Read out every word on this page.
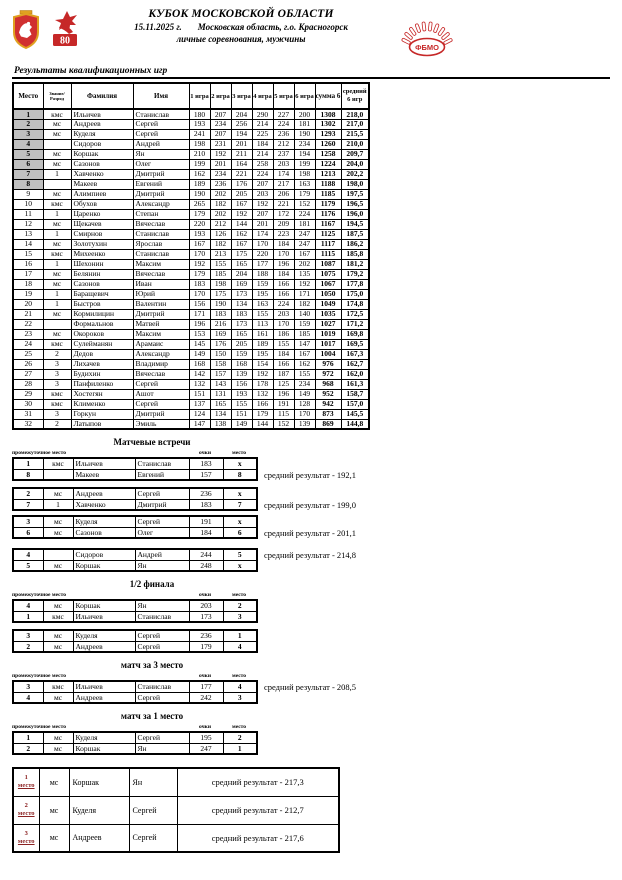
80
КУБОК МОСКОВСКОЙ ОБЛАСТИ
15.11.2025 г. Московская область, г.о. Красногорск
личные соревнования, мужчины
ФБМО
Результаты квалификационных игр
Место	Звание/
Разряд	Фамилия	Имя	1 игра	2 игра	3 игра	4 игра	5 игра	6 игра	сумма 6	
средний
6 игр

1	кмс	Ильичев	Станислав	180	207	204	290	227	200	1308	218,0
2	мс	Андреев	Сергей	193	234	256	214	224	181	1302	217,0
3	мс	Куделя	Сергей	241	207	194	225	236	190	1293	215,5
4		Сидоров	Андрей	198	231	201	184	212	234	1260	210,0
5	мс	Коршак	Ян	210	192	211	214	237	194	1258	209,7
6	мс	Сазонов	Олег	199	201	164	258	203	199	1224	204,0
7	1	Хавченко	Дмитрий	162	234	221	224	174	198	1213	202,2
8		Макеев	Евгений	189	236	176	207	217	163	1188	198,0
9	мс	Алимпиев	Дмитрий	190	202	205	203	206	179	1185	197,5
10	кмс	Обухов	Александр	265	182	167	192	221	152	1179	196,5
11	1	Царенко	Степан	179	202	192	207	172	224	1176	196,0
12	мс	Щекачев	Вячеслав	220	212	144	201	209	181	1167	194,5
13	1	Смирнов	Станислав	193	126	162	174	223	247	1125	187,5
14	мс	Золотухин	Ярослав	167	182	167	170	184	247	1117	186,2
15	кмс	Михеенко	Станислав	170	213	175	220	170	167	1115	185,8
16	1	Шехонин	Максим	192	155	165	177	196	202	1087	181,2
17	мс	Белянин	Вячеслав	179	185	204	188	184	135	1075	179,2
18	мс	Сазонов	Иван	183	198	169	159	166	192	1067	177,8
19	1	Баращевич	Юрий	170	175	173	195	166	171	1050	175,0
20	1	Быстров	Валентин	156	190	134	163	224	182	1049	174,8
21	мс	Кормилицин	Дмитрий	171	183	183	155	203	140	1035	172,5
22		Формальнов	Матвей	196	216	173	113	170	159	1027	171,2
23	мс	Окороков	Максим	153	169	165	161	186	185	1019	169,8
24	кмс	Сулейманян	Арамаис	145	176	205	189	155	147	1017	169,5
25	2	Дедов	Александр	149	150	159	195	184	167	1004	167,3
26	3	Лихачев	Владимир	168	158	168	154	166	162	976	162,7
27	3	Будихин	Вячеслав	142	157	139	192	187	155	972	162,0
28	3	Панфиленко	Сергей	132	143	156	178	125	234	968	161,3
29	кмс	Хостегян	Ашот	151	131	193	132	196	149	952	158,7
30	кмс	Клименко	Сергей	137	165	155	166	191	128	942	157,0
31	3	Горкун	Дмитрий	124	134	151	179	115	170	873	145,5
32	2	Латыпов	Эмиль	147	138	149	144	152	139	869	144,8
Матчевые встречи
промежуточное место	очки	место
1	кмс	Ильичев	Станислав	183	х
8		Макеев	Евгений	157	8	средний результат - 192,1
2	мс	Андреев	Сергей	236	х
7	1	Хавченко	Дмитрий	183	7	средний результат - 199,0
3	мс	Куделя	Сергей	191	х
6	мс	Сазонов	Олег	184	6	средний результат - 201,1
4		Сидоров	Андрей	244	5
5	мс	Коршак	Ян	248	х
средний результат - 214,8
1/2 финала
промежуточное место	очки	место
4	мс	Коршак	Ян	203	2
1	кмс	Ильичев	Станислав	173	3
3	мс	Куделя	Сергей	236	1
2	мс	Андреев	Сергей	179	4
матч за 3 место
промежуточное место	очки	место
3	кмс	Ильичев	Станислав	177	4
4	мс	Андреев	Сергей	242	3
средний результат - 208,5
матч за 1 место
промежуточное место	очки	место
1	мс	Куделя	Сергей	195	2
2	мс	Коршак	Ян	247	1
1
место	мс	Коршак	Ян	средний результат - 217,3
2
место	мс	Куделя	Сергей	средний результат - 212,7
3
место	мс	Андреев	Сергей	средний результат - 217,6
